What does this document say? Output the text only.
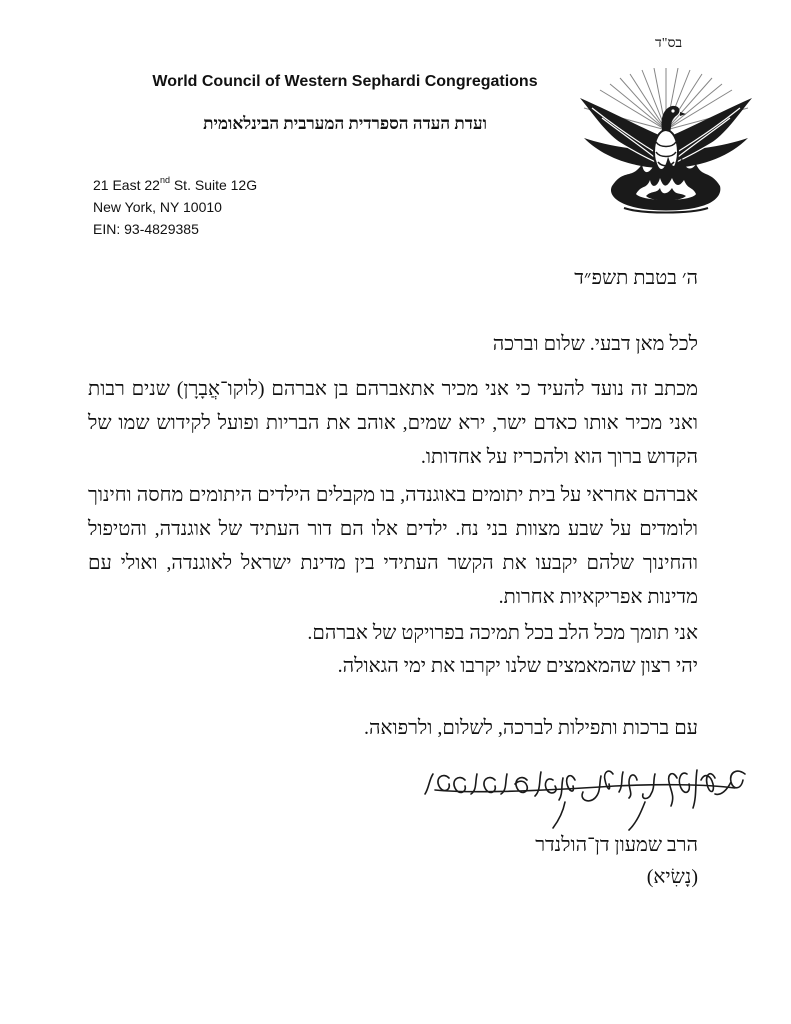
בס"ד
World Council of Western Sephardi Congregations
ועדת העדה הספרדית המערבית הבינלאומית
21 East 22nd St. Suite 12G
New York, NY 10010
EIN: 93-4829385
ה׳ בטבת תשפ״ד
לכל מאן דבעי. שלום וברכה
מכתב זה נועד להעיד כי אני מכיר אתאברהם בן אברהם (לוקו־אֲבָרָן) שנים רבות ואני מכיר אותו כאדם ישר, ירא שמים, אוהב את הבריות ופועל לקידוש שמו של הקדוש ברוך הוא ולהכריז על אחדותו.
אברהם אחראי על בית יתומים באוגנדה, בו מקבלים הילדים היתומים מחסה וחינוך ולומדים על שבע מצוות בני נח. ילדים אלו הם דור העתיד של אוגנדה, והטיפול והחינוך שלהם יקבעו את הקשר העתידי בין מדינת ישראל לאוגנדה, ואולי עם מדינות אפריקאיות אחרות.
אני תומך מכל הלב בכל תמיכה בפרויקט של אברהם.
יהי רצון שהמאמצים שלנו יקרבו את ימי הגאולה.
עם ברכות ותפילות לברכה, לשלום, ולרפואה.
הרב שמעון דן־הולנדר
(נָשִׂיא)
